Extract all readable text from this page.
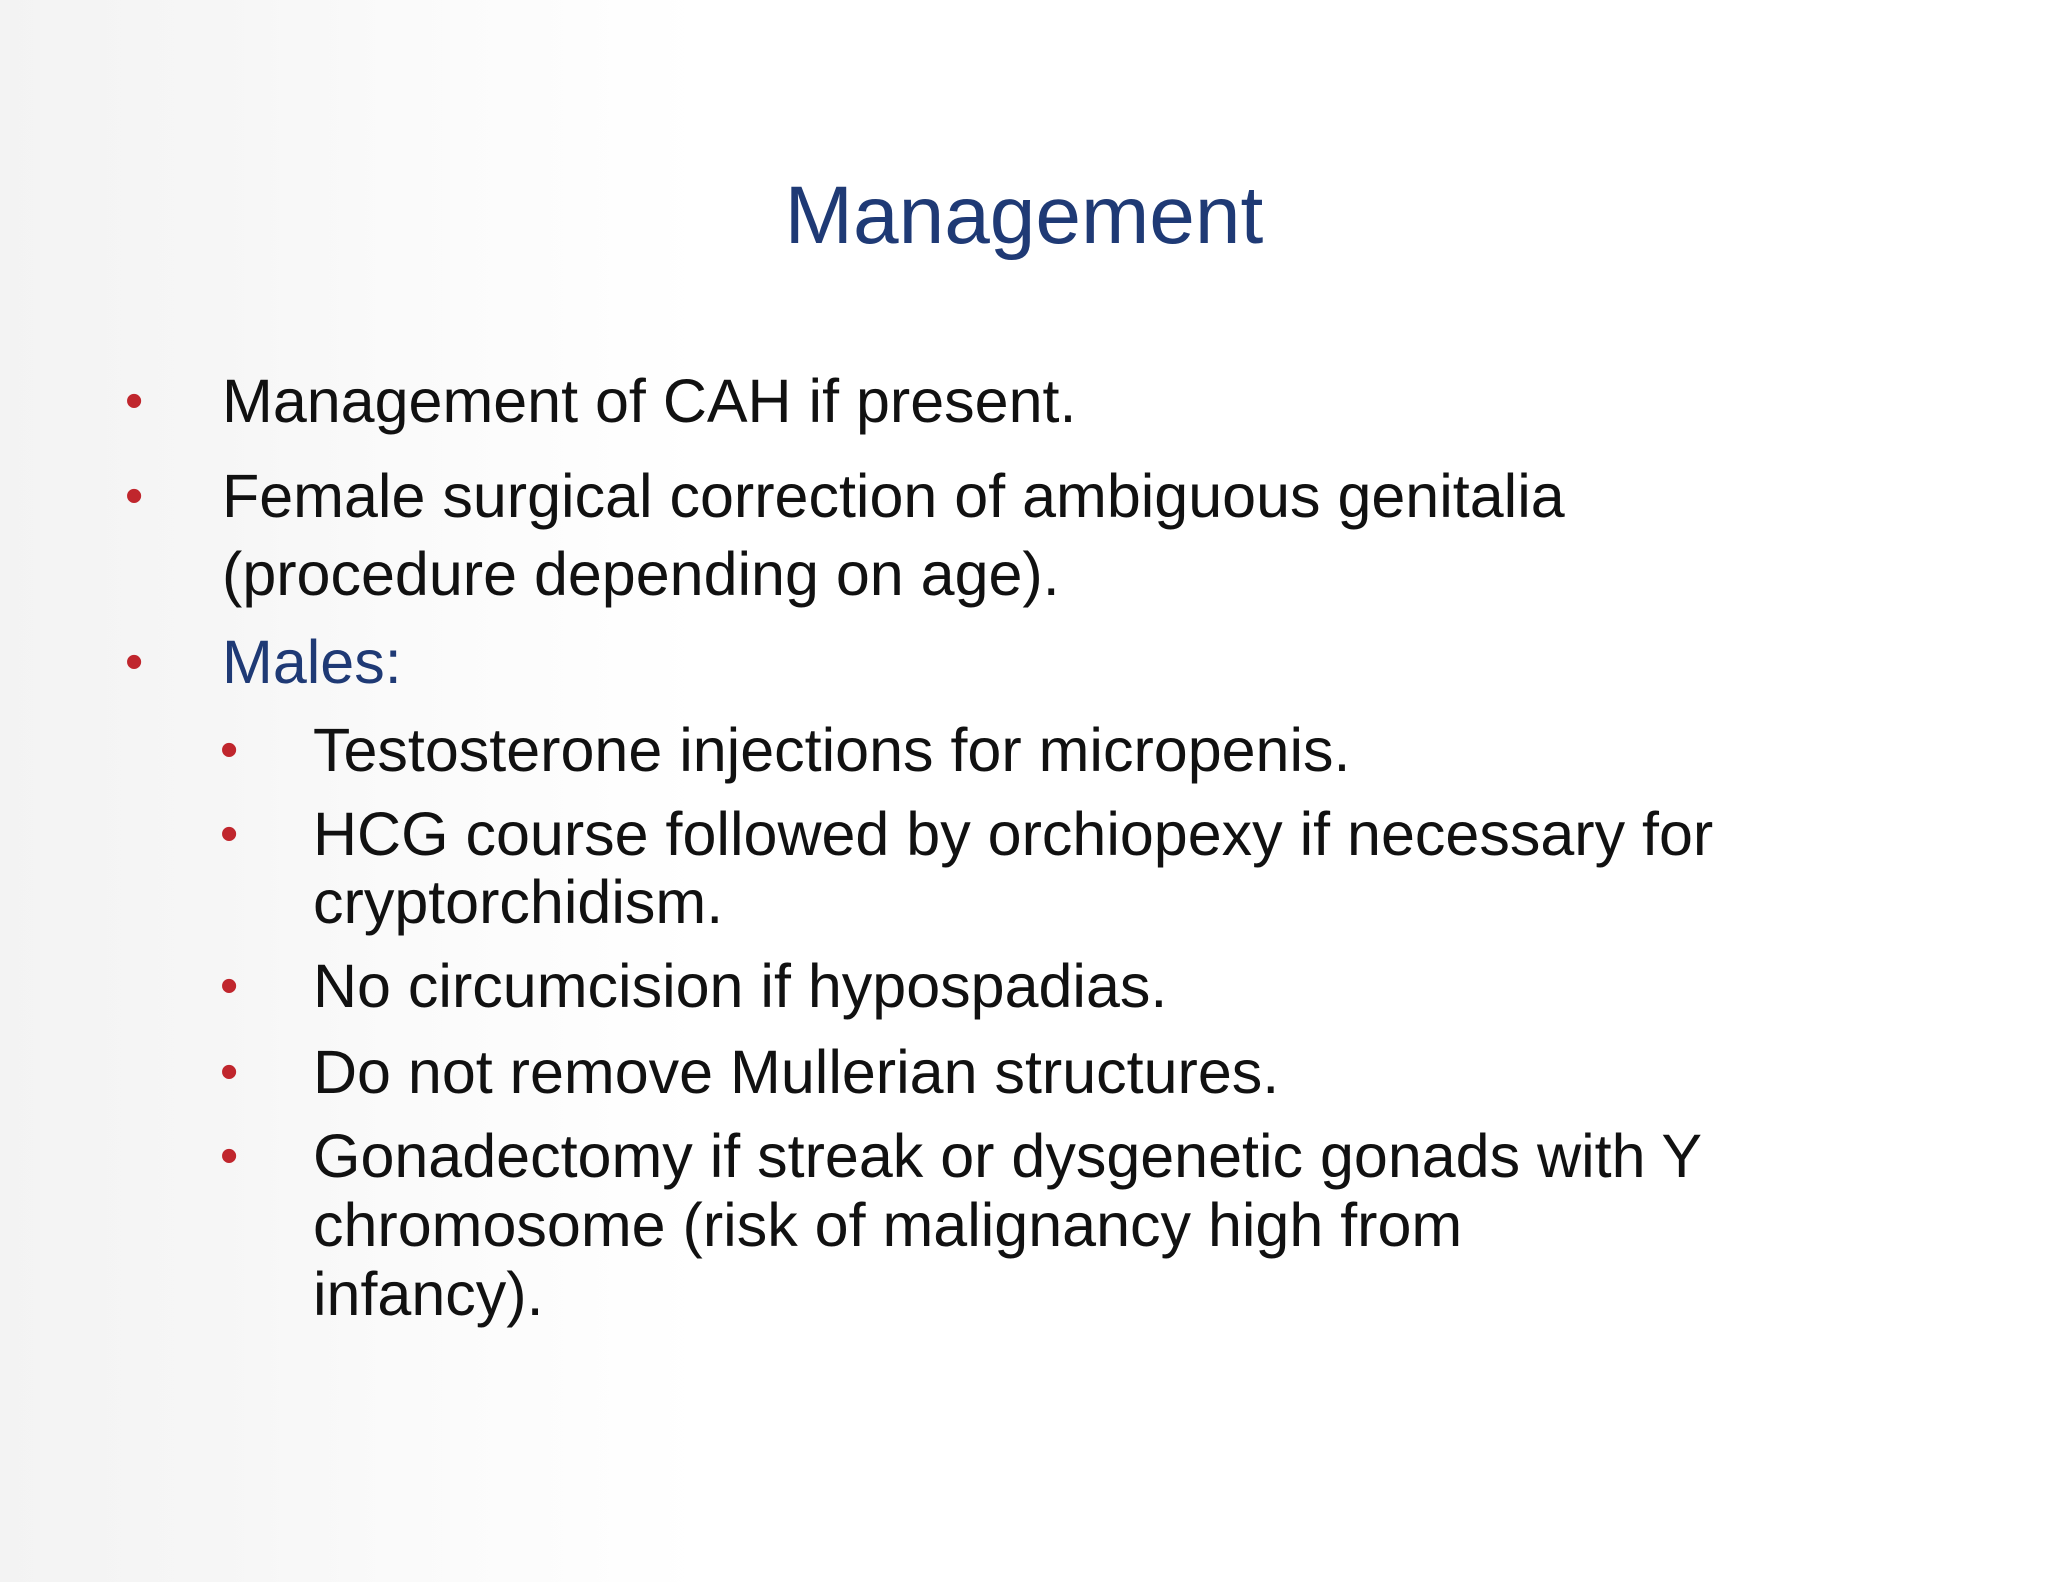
Management
• Management of CAH if present.
• Female surgical correction of ambiguous genitalia
(procedure depending on age).
• Males:
• Testosterone injections for micropenis.
• HCG course followed by orchiopexy if necessary for
cryptorchidism.
• No circumcision if hypospadias.
• Do not remove Mullerian structures.
• Gonadectomy if streak or dysgenetic gonads with Y
chromosome (risk of malignancy high from
infancy).
